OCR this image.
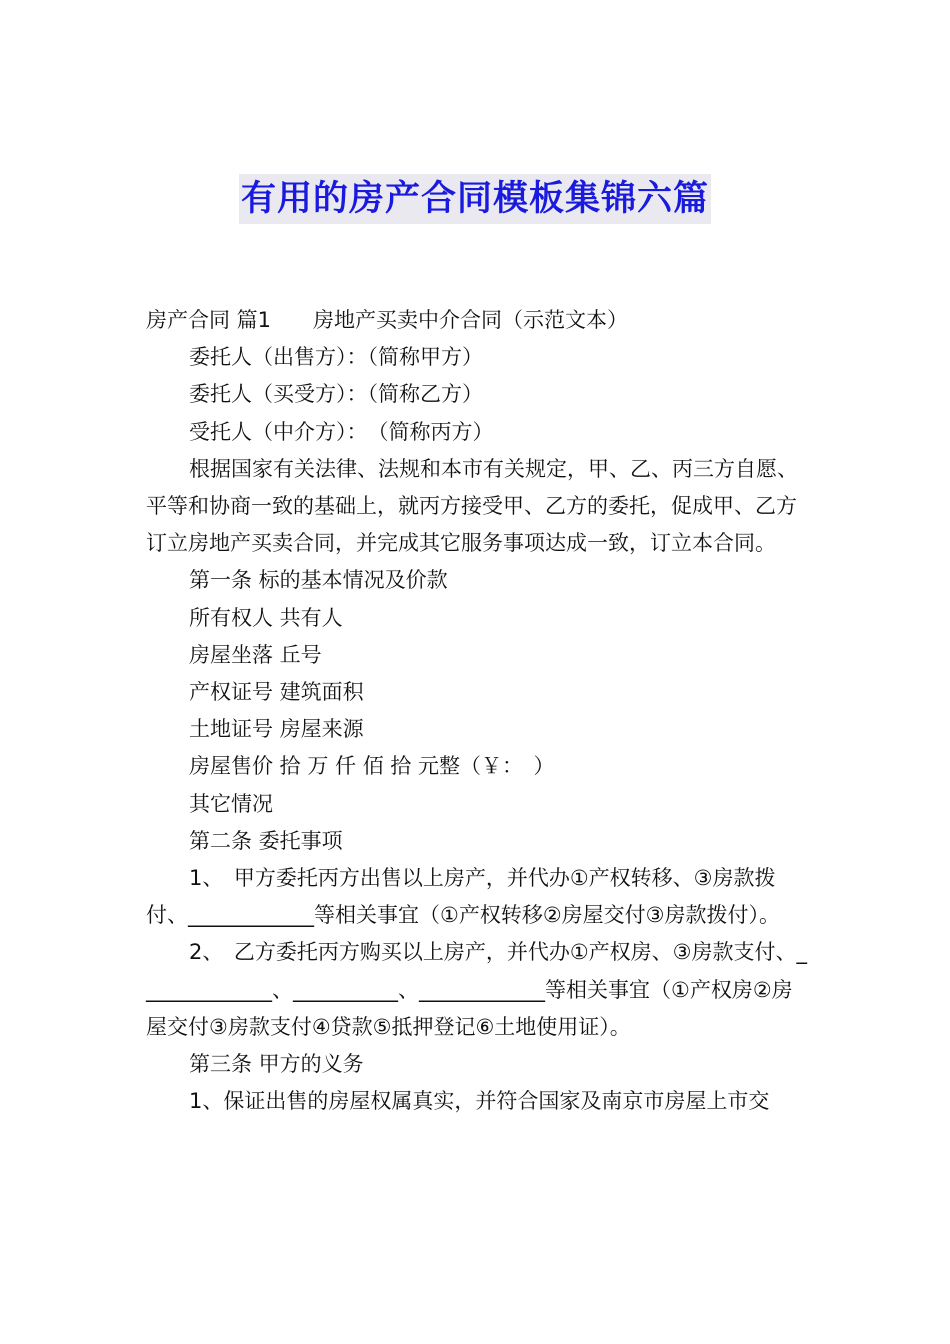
有用的房产合同模板集锦六篇

房产合同 篇1　　房地产买卖中介合同（示范文本）

委托人（出售方）：（简称甲方）

委托人（买受方）：（简称乙方）

受托人（中介方）：　（简称丙方）

根据国家有关法律、法规和本市有关规定，甲、乙、丙三方自愿、平等和协商一致的基础上，就丙方接受甲、乙方的委托，促成甲、乙方订立房地产买卖合同，并完成其它服务事项达成一致，订立本合同。

第一条 标的基本情况及价款

所有权人 共有人

房屋坐落 丘号

产权证号 建筑面积

土地证号 房屋来源

房屋售价 拾 万 仟 佰 拾 元整（￥：　）

其它情况

第二条 委托事项

1、　甲方委托丙方出售以上房产，并代办①产权转移、③房款拨付、____________等相关事宜（①产权转移②房屋交付③房款拨付）。

2、　乙方委托丙方购买以上房产，并代办①产权房、③房款支付、_____________、__________、____________等相关事宜（①产权房②房屋交付③房款支付④贷款⑤抵押登记⑥土地使用证）。

第三条 甲方的义务

1、保证出售的房屋权属真实，并符合国家及南京市房屋上市交
